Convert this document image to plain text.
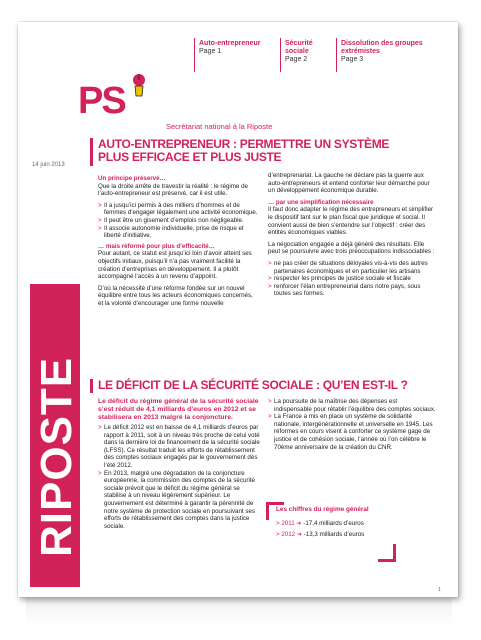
PS
Auto-entrepreneur
Page 1
Sécurité sociale
Page 2
Dissolution des groupes extrémistes
Page 3
Secrétariat national à la Riposte
14 juin 2013
RIPOSTE
AUTO-ENTREPRENEUR : PERMETTRE UN SYSTÈME
PLUS EFFICACE ET PLUS JUSTE
Un principe préservé…

Que la droite arrête de travestir la réalité : le régime de l’auto-entrepreneur est préservé, car il est utile.

> Il a jusqu’ici permis à des milliers d’hommes et de femmes d’engager légalement une activité économique.
> Il peut être un gisement d’emplois non négligeable.
> Il associe autonomie individuelle, prise de risque et liberté d’initiative.
… mais réformé pour plus d’efficacité…

Pour autant, ce statut est jusqu’ici loin d’avoir atteint ses objectifs initiaux, puisqu’il n’a pas vraiment facilité la création d’entreprises en développement. Il a plutôt accompagné l’accès à un revenu d’appoint.

D’où la nécessité d’une réforme fondée sur un nouvel équilibre entre tous les acteurs économiques concernés, et la volonté d’encourager une forme nouvelle

d’entreprenariat. La gauche ne déclare pas la guerre aux auto-entrepreneurs et entend conforter leur démarche pour un développement économique durable.

… par une simplification nécessaire

Il faut donc adapter le régime des entrepreneurs et simplifier le dispositif tant sur le plan fiscal que juridique et social. Il convient aussi de bien s’entendre sur l’objectif : créer des entités économiques viables.

La négociation engagée a déjà généré des résultats. Elle peut se poursuivre avec trois préoccupations indissociables :

> ne pas créer de situations déloyales vis-à-vis des autres partenaires économiques et en particulier les artisans
> respecter les principes de justice sociale et fiscale
> renforcer l’élan entrepreneurial dans notre pays, sous toutes ses formes.
LE DÉFICIT DE LA SÉCURITÉ SOCIALE : QU’EN EST-IL ?
Le déficit du régime général de la sécurité sociale s’est réduit de 4,1 milliards d’euros en 2012 et se stabilisera en 2013 malgré la conjoncture.
> Le déficit 2012 est en baisse de 4,1 milliards d’euros par rapport à 2011, soit à un niveau très proche de celui voté dans la dernière loi de financement de la sécurité sociale (LFSS). Ce résultat traduit les efforts de rétablissement des comptes sociaux engagés par le gouvernement dès l’été 2012.
> En 2013, malgré une dégradation de la conjoncture européenne, la commission des comptes de la sécurité sociale prévoit que le déficit du régime général se stabilise à un niveau légèrement supérieur. Le gouvernement est déterminé à garantir la pérennité de notre système de protection sociale en poursuivant ses efforts de rétablissement des comptes dans la justice sociale.
> La poursuite de la maîtrise des dépenses est indispensable pour rétablir l’équilibre des comptes sociaux.
> La France a mis en place un système de solidarité nationale, intergénérationnelle et universelle en 1945. Les réformes en cours visent à conforter ce système gage de justice et de cohésion sociale, l’année où l’on célèbre le 70ème anniversaire de la création du CNR.
Les chiffres du régime général
> 2011 ➜ -17,4 milliards d’euros
> 2012 ➜ -13,3 milliards d’euros
1
